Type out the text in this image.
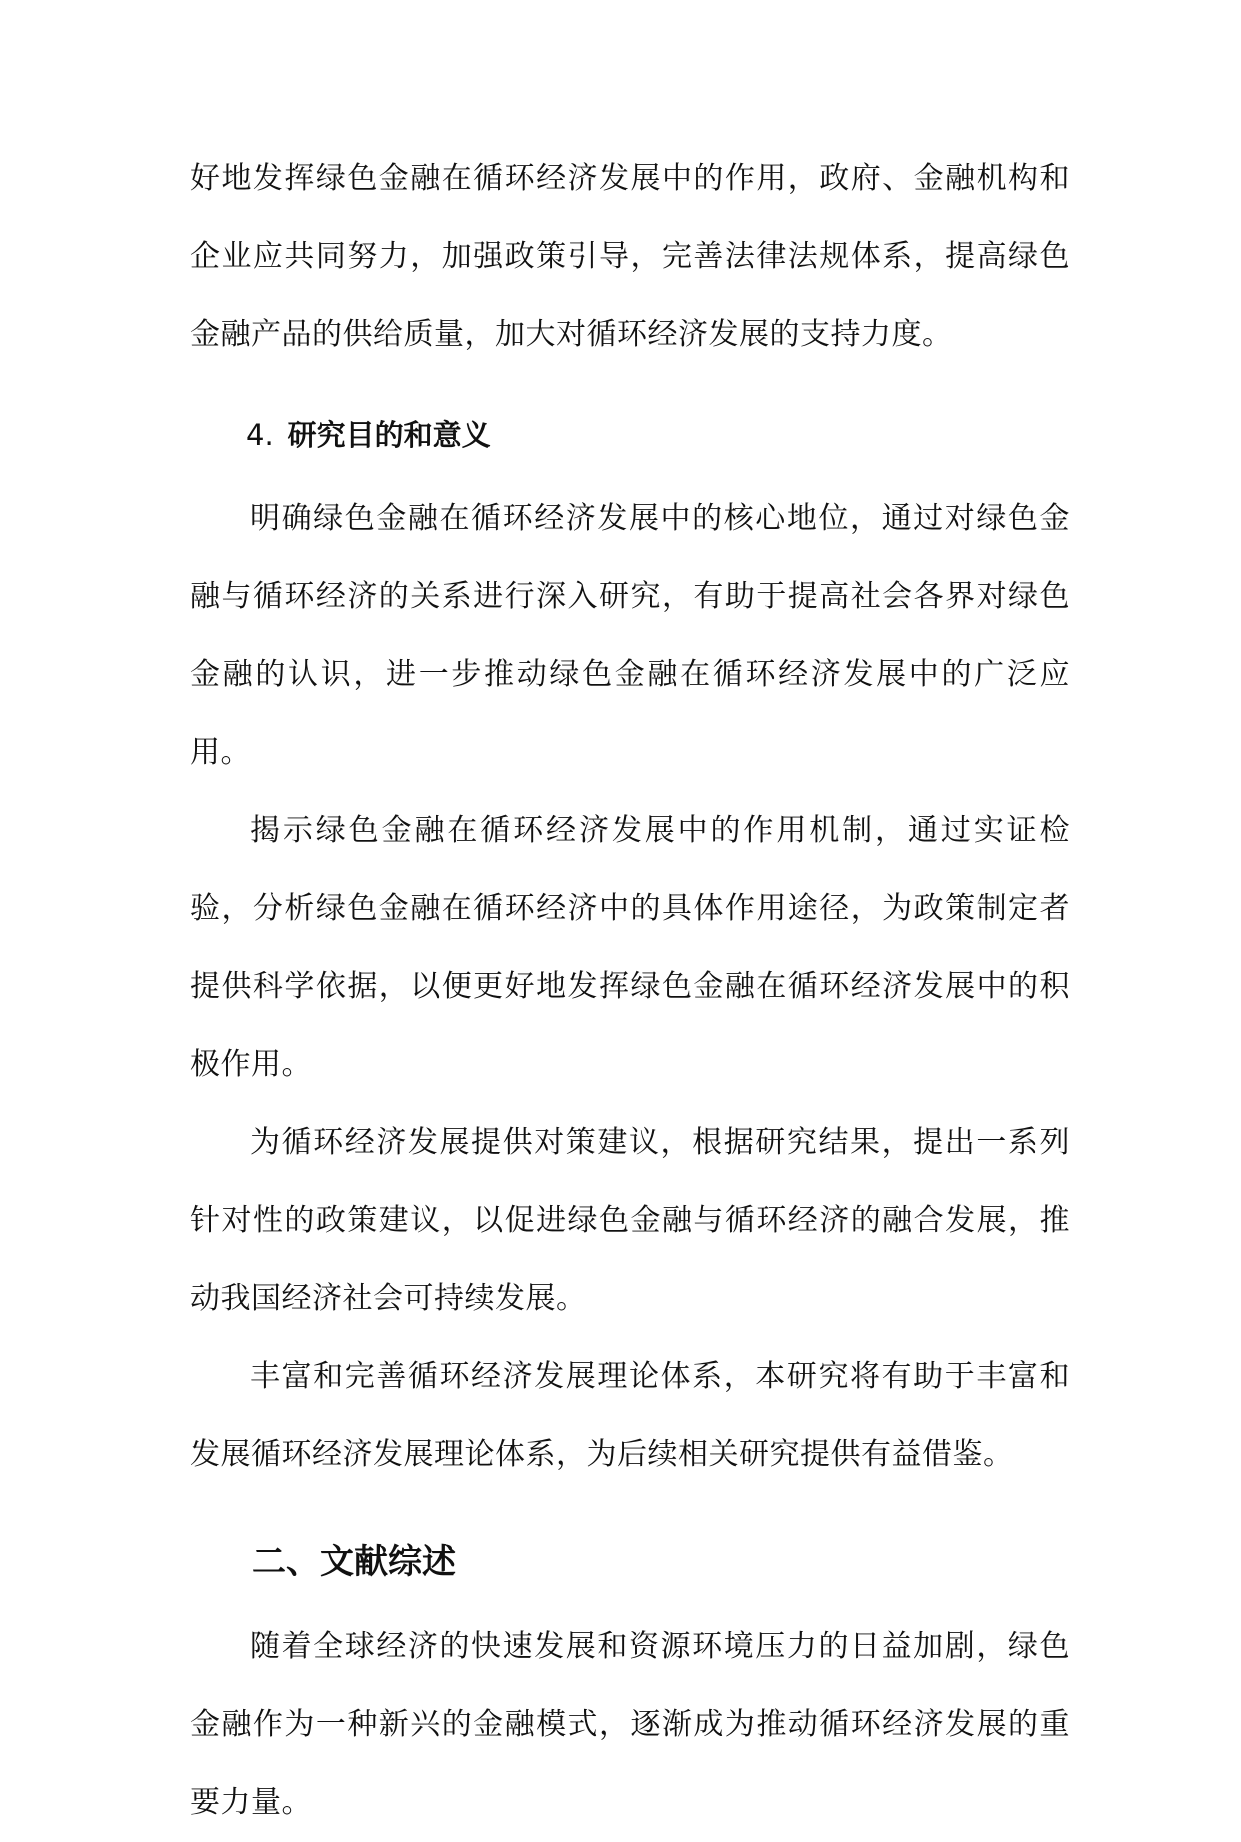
好地发挥绿色金融在循环经济发展中的作用，政府、金融机构和企业应共同努力，加强政策引导，完善法律法规体系，提高绿色金融产品的供给质量，加大对循环经济发展的支持力度。

4. 研究目的和意义

明确绿色金融在循环经济发展中的核心地位，通过对绿色金融与循环经济的关系进行深入研究，有助于提高社会各界对绿色金融的认识，进一步推动绿色金融在循环经济发展中的广泛应用。

揭示绿色金融在循环经济发展中的作用机制，通过实证检验，分析绿色金融在循环经济中的具体作用途径，为政策制定者提供科学依据，以便更好地发挥绿色金融在循环经济发展中的积极作用。

为循环经济发展提供对策建议，根据研究结果，提出一系列针对性的政策建议，以促进绿色金融与循环经济的融合发展，推动我国经济社会可持续发展。

丰富和完善循环经济发展理论体系，本研究将有助于丰富和发展循环经济发展理论体系，为后续相关研究提供有益借鉴。

二、文献综述

随着全球经济的快速发展和资源环境压力的日益加剧，绿色金融作为一种新兴的金融模式，逐渐成为推动循环经济发展的重要力量。
